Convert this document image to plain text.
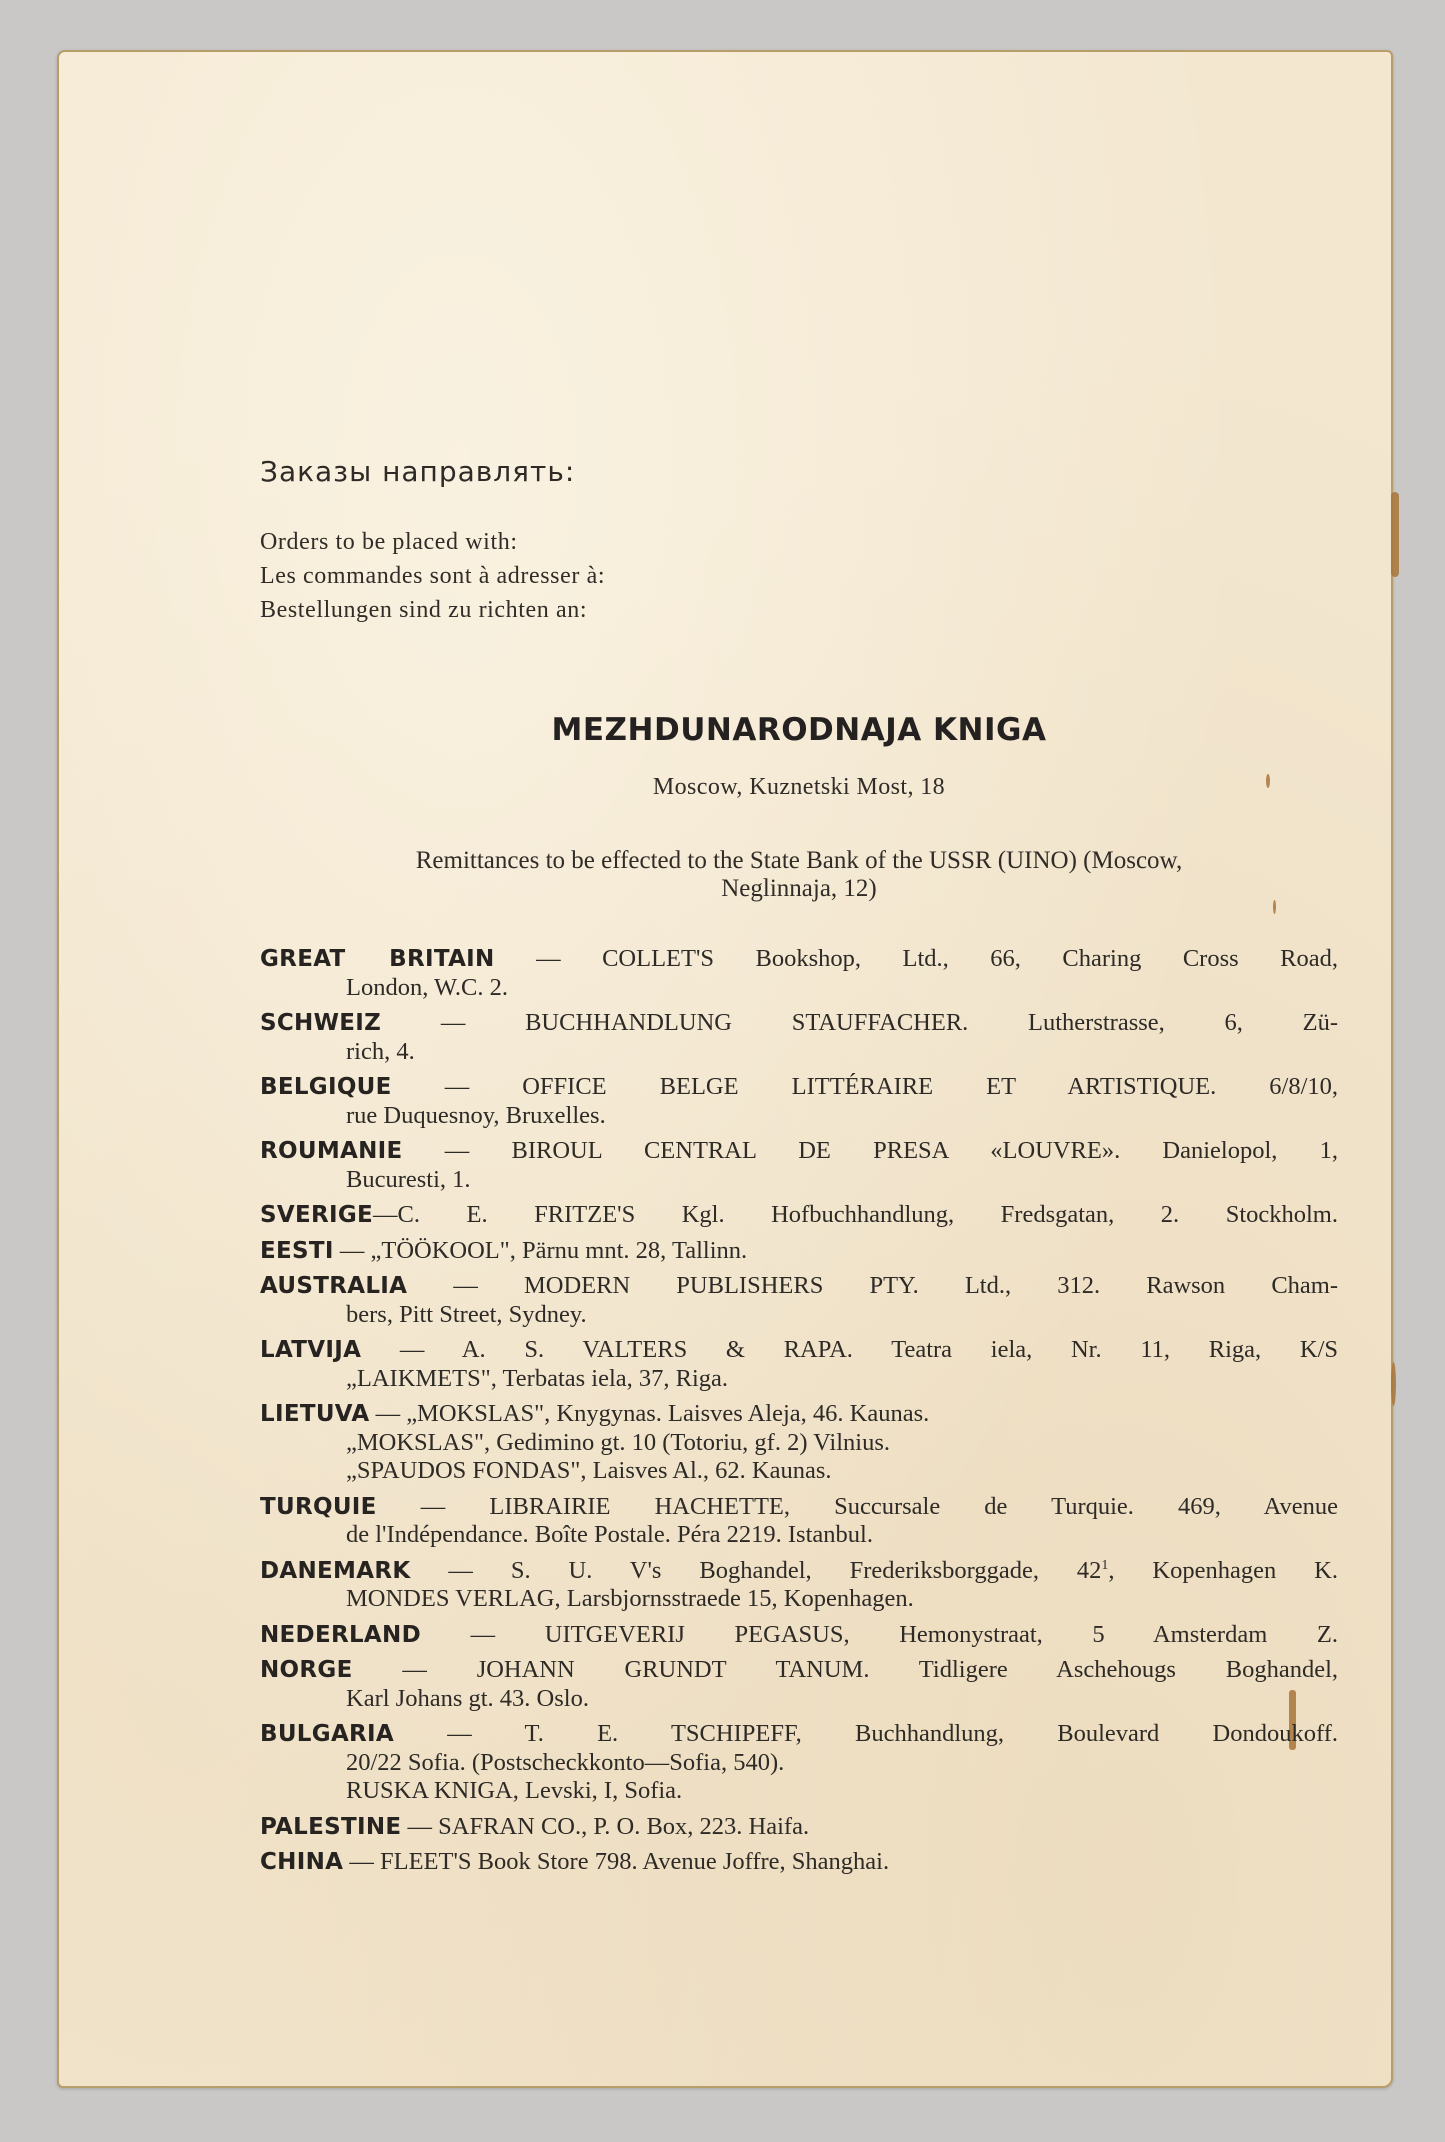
Заказы направлять:
Orders to be placed with:
Les commandes sont à adresser à:
Bestellungen sind zu richten an:
MEZHDUNARODNAJA KNIGA
Moscow, Kuznetski Most, 18
Remittances to be effected to the State Bank of the USSR (UINO) (Moscow,
Neglinnaja, 12)
GREAT BRITAIN — COLLET'S Bookshop, Ltd., 66, Charing Cross Road,
London, W.C. 2.
SCHWEIZ — BUCHHANDLUNG STAUFFACHER. Lutherstrasse, 6, Zü-
rich, 4.
BELGIQUE — OFFICE BELGE LITTÉRAIRE ET ARTISTIQUE. 6/8/10,
rue Duquesnoy, Bruxelles.
ROUMANIE — BIROUL CENTRAL DE PRESA «LOUVRE». Danielopol, 1,
Bucuresti, 1.
SVERIGE—C. E. FRITZE'S Kgl. Hofbuchhandlung, Fredsgatan, 2. Stockholm.
EESTI — „TÖÖKOOL", Pärnu mnt. 28, Tallinn.
AUSTRALIA — MODERN PUBLISHERS PTY. Ltd., 312. Rawson Cham-
bers, Pitt Street, Sydney.
LATVIJA — A. S. VALTERS & RAPA. Teatra iela, Nr. 11, Riga, K/S
„LAIKMETS", Terbatas iela, 37, Riga.
LIETUVA — „MOKSLAS", Knygynas. Laisves Aleja, 46. Kaunas.
„MOKSLAS", Gedimino gt. 10 (Totoriu, gf. 2) Vilnius.
„SPAUDOS FONDAS", Laisves Al., 62. Kaunas.
TURQUIE — LIBRAIRIE HACHETTE, Succursale de Turquie. 469, Avenue
de l'Indépendance. Boîte Postale. Péra 2219. Istanbul.
DANEMARK — S. U. V's Boghandel, Frederiksborggade, $42^1$, Kopenhagen K.
MONDES VERLAG, Larsbjornsstraede 15, Kopenhagen.
NEDERLAND — UITGEVERIJ PEGASUS, Hemonystraat, 5 Amsterdam Z.
NORGE — JOHANN GRUNDT TANUM. Tidligere Aschehougs Boghandel,
Karl Johans gt. 43. Oslo.
BULGARIA — T. E. TSCHIPEFF, Buchhandlung, Boulevard Dondoukoff.
20/22 Sofia. (Postscheckkonto—Sofia, 540).
RUSKA KNIGA, Levski, I, Sofia.
PALESTINE — SAFRAN CO., P. O. Box, 223. Haifa.
CHINA — FLEET'S Book Store 798. Avenue Joffre, Shanghai.
